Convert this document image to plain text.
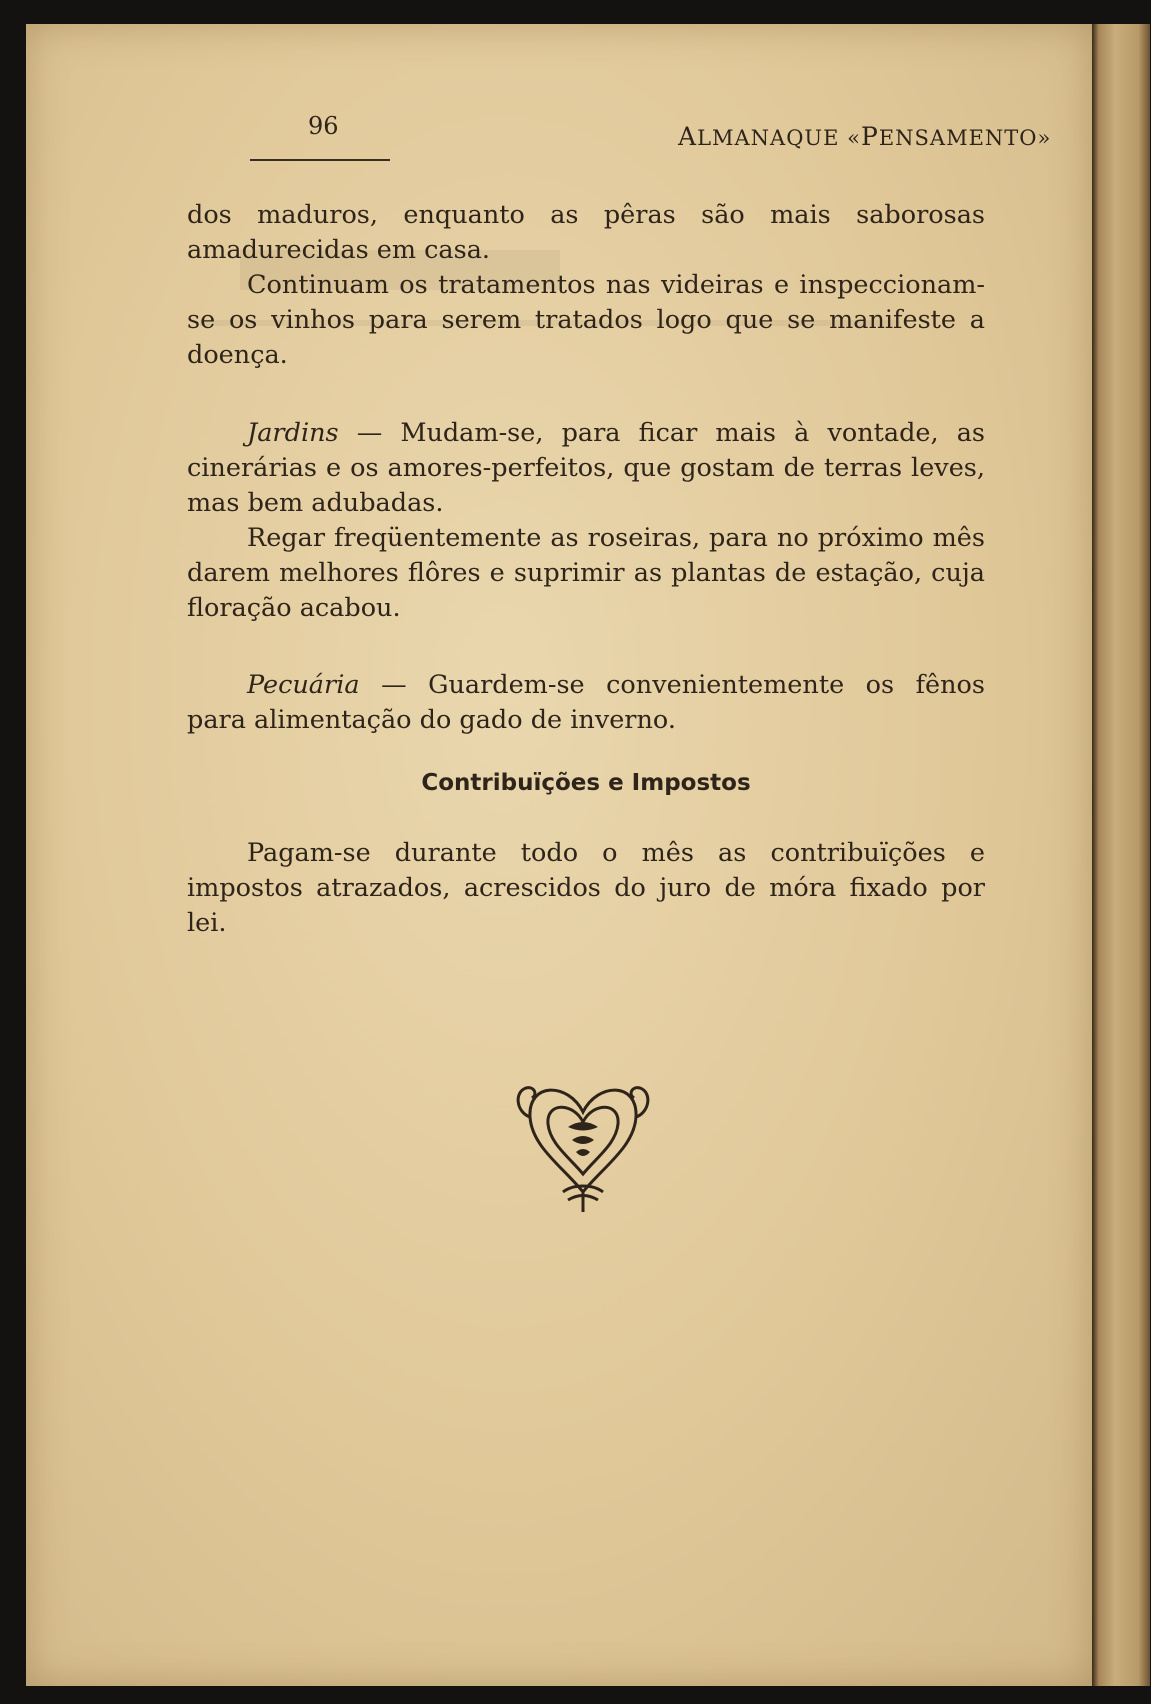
96	ALMANAQUE «PENSAMENTO»

dos maduros, enquanto as pêras são mais saborosas amadurecidas em casa.

Continuam os tratamentos nas videiras e inspeccionam-se os vinhos para serem tratados logo que se manifeste a doença.

Jardins — Mudam-se, para ficar mais à vontade, as cinerárias e os amores-perfeitos, que gostam de terras leves, mas bem adubadas.

Regar freqüentemente as roseiras, para no próximo mês darem melhores flôres e suprimir as plantas de estação, cuja floração acabou.

Pecuária — Guardem-se convenientemente os fênos para alimentação do gado de inverno.

Contribuïções e Impostos

Pagam-se durante todo o mês as contribuïções e impostos atrazados, acrescidos do juro de móra fixado por lei.
